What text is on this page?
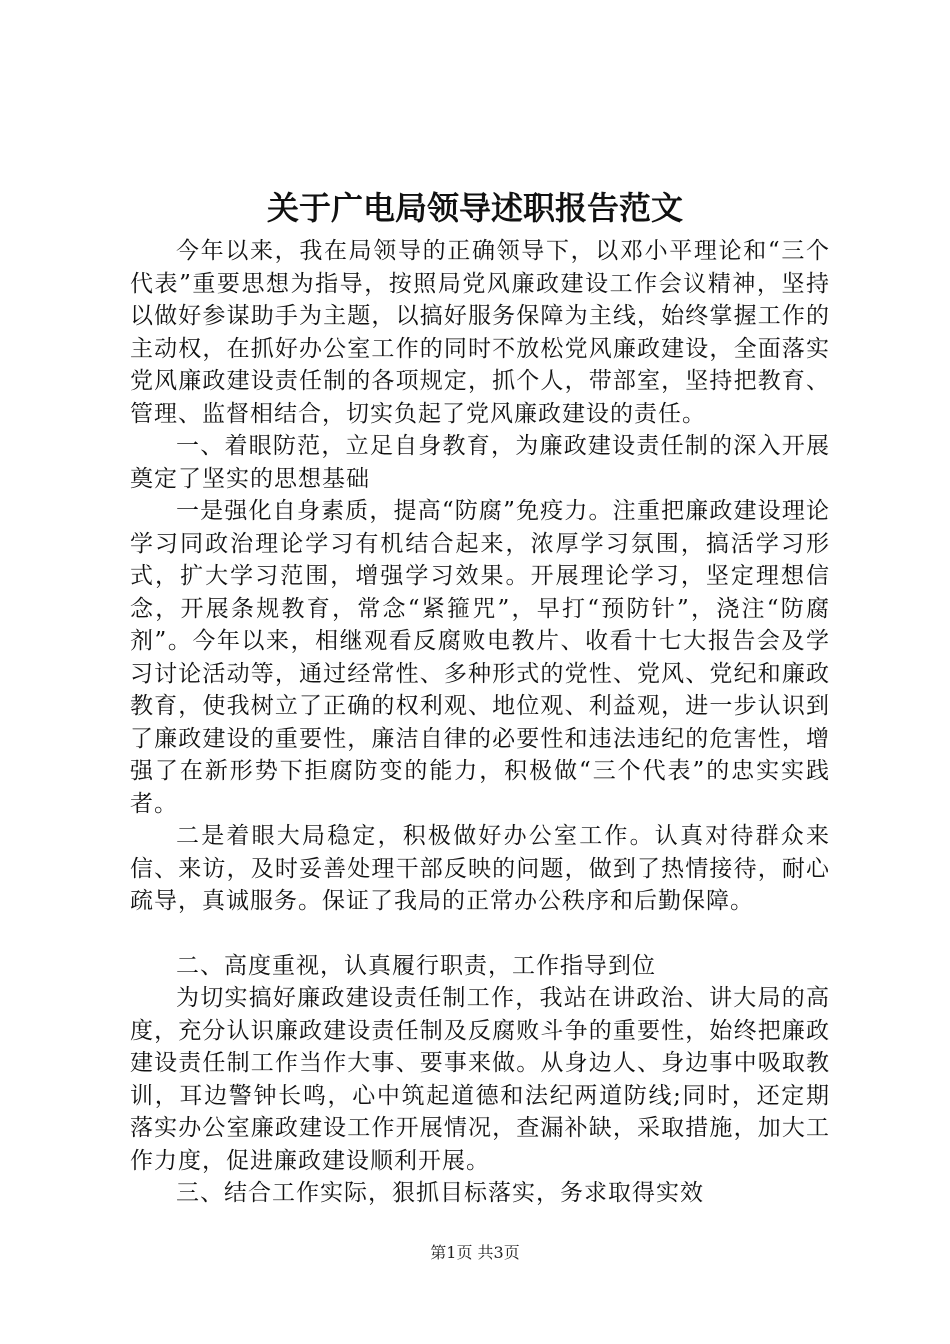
关于广电局领导述职报告范文

今年以来，我在局领导的正确领导下，以邓小平理论和“三个代表”重要思想为指导，按照局党风廉政建设工作会议精神，坚持以做好参谋助手为主题，以搞好服务保障为主线，始终掌握工作的主动权，在抓好办公室工作的同时不放松党风廉政建设，全面落实党风廉政建设责任制的各项规定，抓个人，带部室，坚持把教育、管理、监督相结合，切实负起了党风廉政建设的责任。

一、着眼防范，立足自身教育，为廉政建设责任制的深入开展奠定了坚实的思想基础

一是强化自身素质，提高“防腐”免疫力。注重把廉政建设理论学习同政治理论学习有机结合起来，浓厚学习氛围，搞活学习形式，扩大学习范围，增强学习效果。开展理论学习，坚定理想信念，开展条规教育，常念“紧箍咒”，早打“预防针”，浇注“防腐剂”。今年以来，相继观看反腐败电教片、收看十七大报告会及学习讨论活动等，通过经常性、多种形式的党性、党风、党纪和廉政教育，使我树立了正确的权利观、地位观、利益观，进一步认识到了廉政建设的重要性，廉洁自律的必要性和违法违纪的危害性，增强了在新形势下拒腐防变的能力，积极做“三个代表”的忠实实践者。

二是着眼大局稳定，积极做好办公室工作。认真对待群众来信、来访，及时妥善处理干部反映的问题，做到了热情接待，耐心疏导，真诚服务。保证了我局的正常办公秩序和后勤保障。

二、高度重视，认真履行职责，工作指导到位

为切实搞好廉政建设责任制工作，我站在讲政治、讲大局的高度，充分认识廉政建设责任制及反腐败斗争的重要性，始终把廉政建设责任制工作当作大事、要事来做。从身边人、身边事中吸取教训，耳边警钟长鸣，心中筑起道德和法纪两道防线;同时，还定期落实办公室廉政建设工作开展情况，查漏补缺，采取措施，加大工作力度，促进廉政建设顺利开展。

三、结合工作实际，狠抓目标落实，务求取得实效

第1页 共3页
